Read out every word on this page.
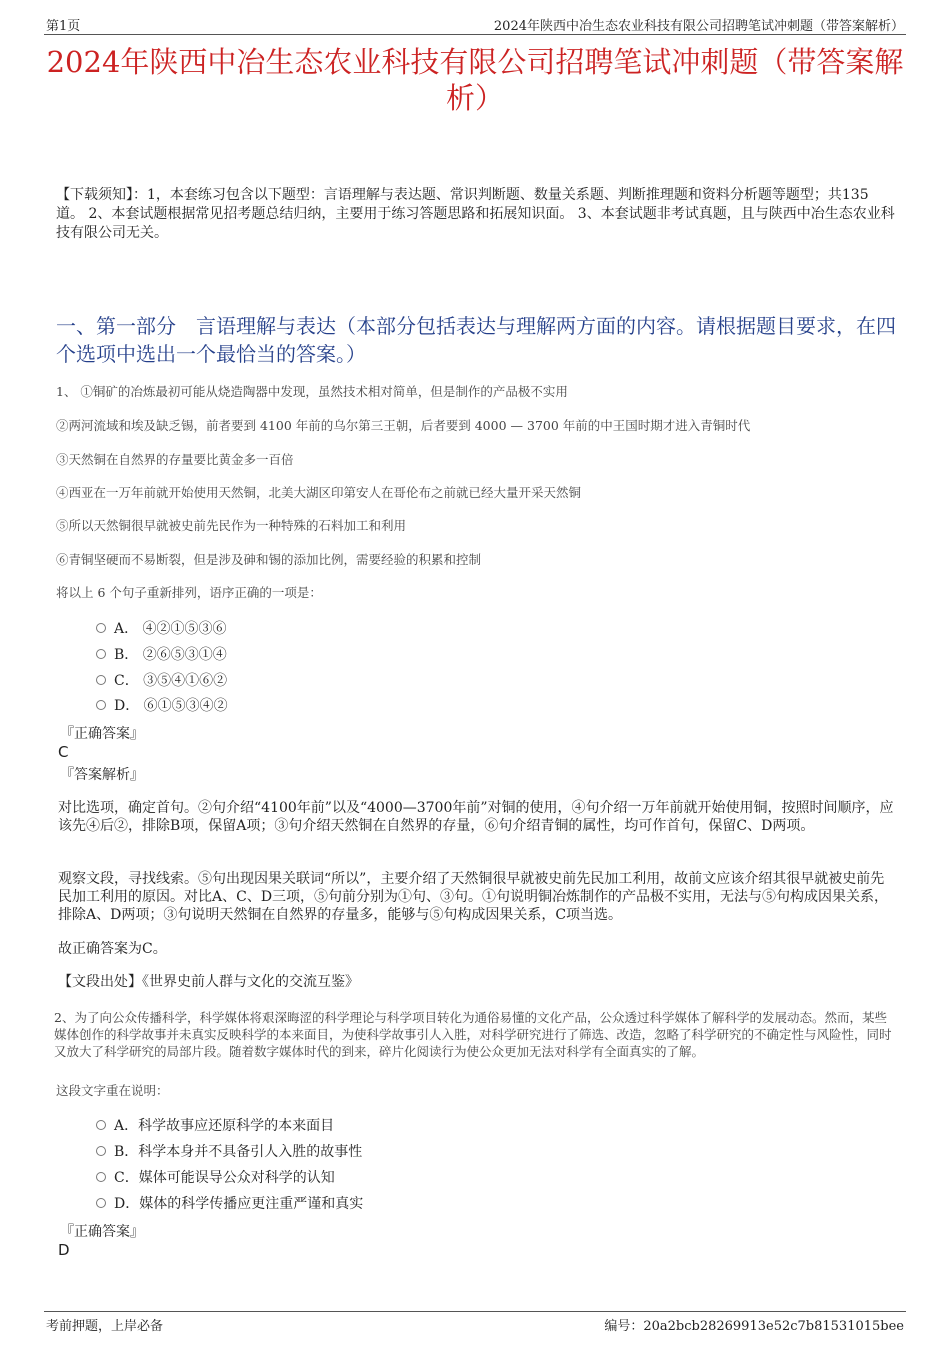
第1页	2024年陕西中冶生态农业科技有限公司招聘笔试冲刺题（带答案解析）
2024年陕西中冶生态农业科技有限公司招聘笔试冲刺题（带答案解析）
【下载须知】：1，本套练习包含以下题型：言语理解与表达题、常识判断题、数量关系题、判断推理题和资料分析题等题型；共135道。 2、本套试题根据常见招考题总结归纳，主要用于练习答题思路和拓展知识面。 3、本套试题非考试真题，且与陕西中冶生态农业科技有限公司无关。
一、第一部分　言语理解与表达（本部分包括表达与理解两方面的内容。请根据题目要求，在四个选项中选出一个最恰当的答案。）
1、 ①铜矿的冶炼最初可能从烧造陶器中发现，虽然技术相对简单，但是制作的产品极不实用
②两河流域和埃及缺乏锡，前者要到 4100 年前的乌尔第三王朝，后者要到 4000 — 3700 年前的中王国时期才进入青铜时代
③天然铜在自然界的存量要比黄金多一百倍
④西亚在一万年前就开始使用天然铜，北美大湖区印第安人在哥伦布之前就已经大量开采天然铜
⑤所以天然铜很早就被史前先民作为一种特殊的石料加工和利用
⑥青铜坚硬而不易断裂，但是涉及砷和锡的添加比例，需要经验的积累和控制
将以上 6 个句子重新排列，语序正确的一项是：
A． ④②①⑤③⑥
B． ②⑥⑤③①④
C． ③⑤④①⑥②
D． ⑥①⑤③④②
『正确答案』
C
『答案解析』
对比选项，确定首句。②句介绍“4100年前”以及“4000—3700年前”对铜的使用，④句介绍一万年前就开始使用铜，按照时间顺序，应该先④后②，排除B项，保留A项；③句介绍天然铜在自然界的存量，⑥句介绍青铜的属性，均可作首句，保留C、D两项。
观察文段，寻找线索。⑤句出现因果关联词“所以”，主要介绍了天然铜很早就被史前先民加工利用，故前文应该介绍其很早就被史前先民加工利用的原因。对比A、C、D三项，⑤句前分别为①句、③句。①句说明铜冶炼制作的产品极不实用，无法与⑤句构成因果关系，排除A、D两项；③句说明天然铜在自然界的存量多，能够与⑤句构成因果关系，C项当选。
故正确答案为C。
【文段出处】《世界史前人群与文化的交流互鉴》
2、为了向公众传播科学，科学媒体将艰深晦涩的科学理论与科学项目转化为通俗易懂的文化产品，公众透过科学媒体了解科学的发展动态。然而，某些媒体创作的科学故事并未真实反映科学的本来面目，为使科学故事引人入胜，对科学研究进行了筛选、改造，忽略了科学研究的不确定性与风险性，同时又放大了科学研究的局部片段。随着数字媒体时代的到来，碎片化阅读行为使公众更加无法对科学有全面真实的了解。
这段文字重在说明：
A．科学故事应还原科学的本来面目
B．科学本身并不具备引人入胜的故事性
C．媒体可能误导公众对科学的认知
D．媒体的科学传播应更注重严谨和真实
『正确答案』
D
考前押题，上岸必备	编号：20a2bcb28269913e52c7b81531015bee
